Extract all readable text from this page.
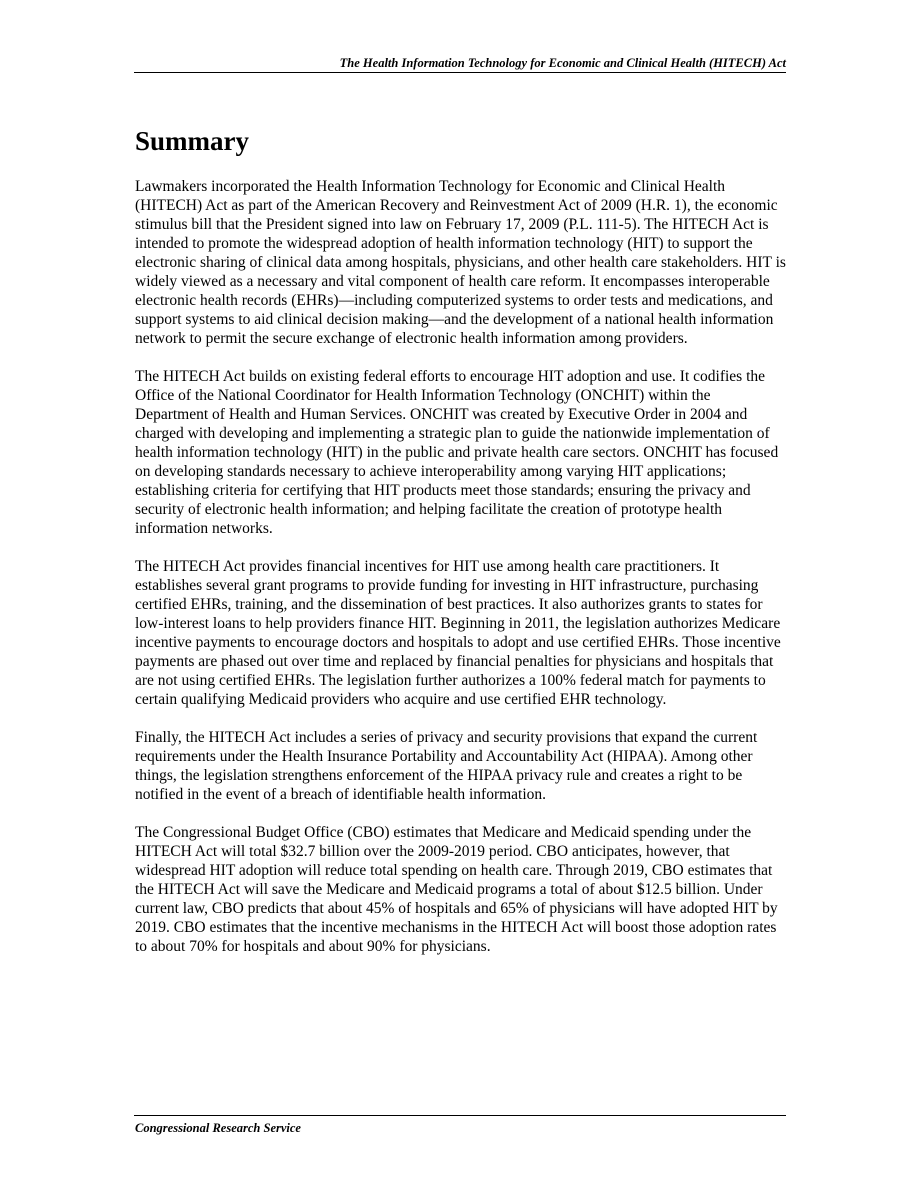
The Health Information Technology for Economic and Clinical Health (HITECH) Act
Summary

Lawmakers incorporated the Health Information Technology for Economic and Clinical Health (HITECH) Act as part of the American Recovery and Reinvestment Act of 2009 (H.R. 1), the economic stimulus bill that the President signed into law on February 17, 2009 (P.L. 111-5). The HITECH Act is intended to promote the widespread adoption of health information technology (HIT) to support the electronic sharing of clinical data among hospitals, physicians, and other health care stakeholders. HIT is widely viewed as a necessary and vital component of health care reform. It encompasses interoperable electronic health records (EHRs)—including computerized systems to order tests and medications, and support systems to aid clinical decision making—and the development of a national health information network to permit the secure exchange of electronic health information among providers.

The HITECH Act builds on existing federal efforts to encourage HIT adoption and use. It codifies the Office of the National Coordinator for Health Information Technology (ONCHIT) within the Department of Health and Human Services. ONCHIT was created by Executive Order in 2004 and charged with developing and implementing a strategic plan to guide the nationwide implementation of health information technology (HIT) in the public and private health care sectors. ONCHIT has focused on developing standards necessary to achieve interoperability among varying HIT applications; establishing criteria for certifying that HIT products meet those standards; ensuring the privacy and security of electronic health information; and helping facilitate the creation of prototype health information networks.

The HITECH Act provides financial incentives for HIT use among health care practitioners. It establishes several grant programs to provide funding for investing in HIT infrastructure, purchasing certified EHRs, training, and the dissemination of best practices. It also authorizes grants to states for low-interest loans to help providers finance HIT. Beginning in 2011, the legislation authorizes Medicare incentive payments to encourage doctors and hospitals to adopt and use certified EHRs. Those incentive payments are phased out over time and replaced by financial penalties for physicians and hospitals that are not using certified EHRs. The legislation further authorizes a 100% federal match for payments to certain qualifying Medicaid providers who acquire and use certified EHR technology.

Finally, the HITECH Act includes a series of privacy and security provisions that expand the current requirements under the Health Insurance Portability and Accountability Act (HIPAA). Among other things, the legislation strengthens enforcement of the HIPAA privacy rule and creates a right to be notified in the event of a breach of identifiable health information.

The Congressional Budget Office (CBO) estimates that Medicare and Medicaid spending under the HITECH Act will total $32.7 billion over the 2009-2019 period. CBO anticipates, however, that widespread HIT adoption will reduce total spending on health care. Through 2019, CBO estimates that the HITECH Act will save the Medicare and Medicaid programs a total of about $12.5 billion. Under current law, CBO predicts that about 45% of hospitals and 65% of physicians will have adopted HIT by 2019. CBO estimates that the incentive mechanisms in the HITECH Act will boost those adoption rates to about 70% for hospitals and about 90% for physicians.

Congressional Research Service
